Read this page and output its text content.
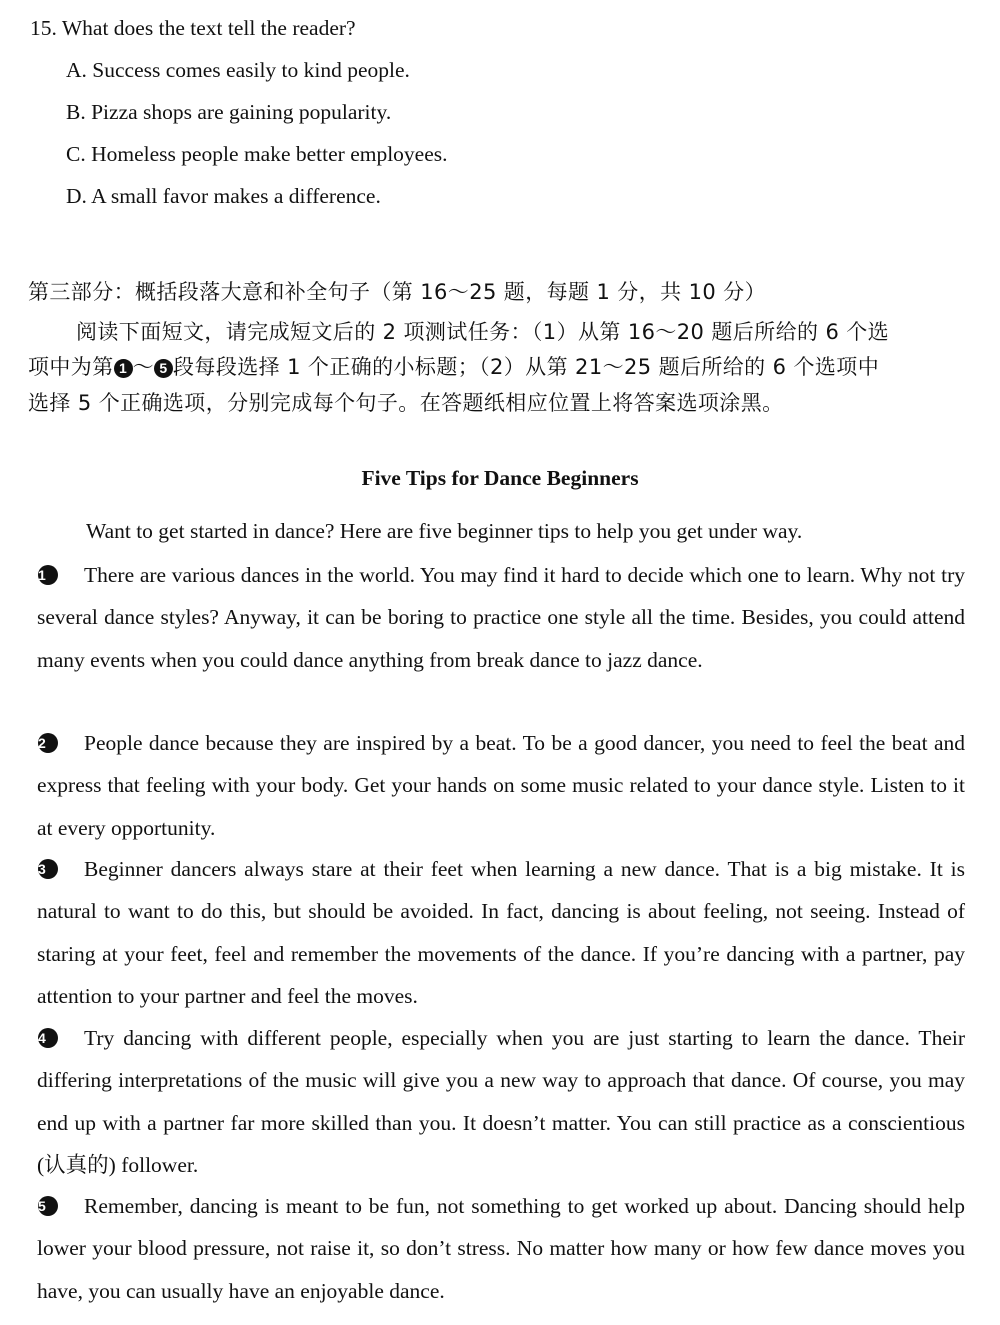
15. What does the text tell the reader?
A. Success comes easily to kind people.
B. Pizza shops are gaining popularity.
C. Homeless people make better employees.
D. A small favor makes a difference.
第三部分：概括段落大意和补全句子（第 16～25 题，每题 1 分，共 10 分）
阅读下面短文，请完成短文后的 2 项测试任务：（1）从第 16～20 题后所给的 6 个选
项中为第 1 ～ 5 段每段选择 1 个正确的小标题；（2）从第 21～25 题后所给的 6 个选项中
选择 5 个正确选项，分别完成每个句子。在答题纸相应位置上将答案选项涂黑。
Five Tips for Dance Beginners
Want to get started in dance? Here are five beginner tips to help you get under way.
1 There are various dances in the world. You may find it hard to decide which one to learn. Why not try several dance styles? Anyway, it can be boring to practice one style all the time. Besides, you could attend many events when you could dance anything from break dance to jazz dance.
2 People dance because they are inspired by a beat. To be a good dancer, you need to feel the beat and express that feeling with your body. Get your hands on some music related to your dance style. Listen to it at every opportunity.
3 Beginner dancers always stare at their feet when learning a new dance. That is a big mistake. It is natural to want to do this, but should be avoided. In fact, dancing is about feeling, not seeing. Instead of staring at your feet, feel and remember the movements of the dance. If you’re dancing with a partner, pay attention to your partner and feel the moves.
4 Try dancing with different people, especially when you are just starting to learn the dance. Their differing interpretations of the music will give you a new way to approach that dance. Of course, you may end up with a partner far more skilled than you. It doesn’t matter. You can still practice as a conscientious (认真的) follower.
5 Remember, dancing is meant to be fun, not something to get worked up about. Dancing should help lower your blood pressure, not raise it, so don’t stress. No matter how many or how few dance moves you have, you can usually have an enjoyable dance.
